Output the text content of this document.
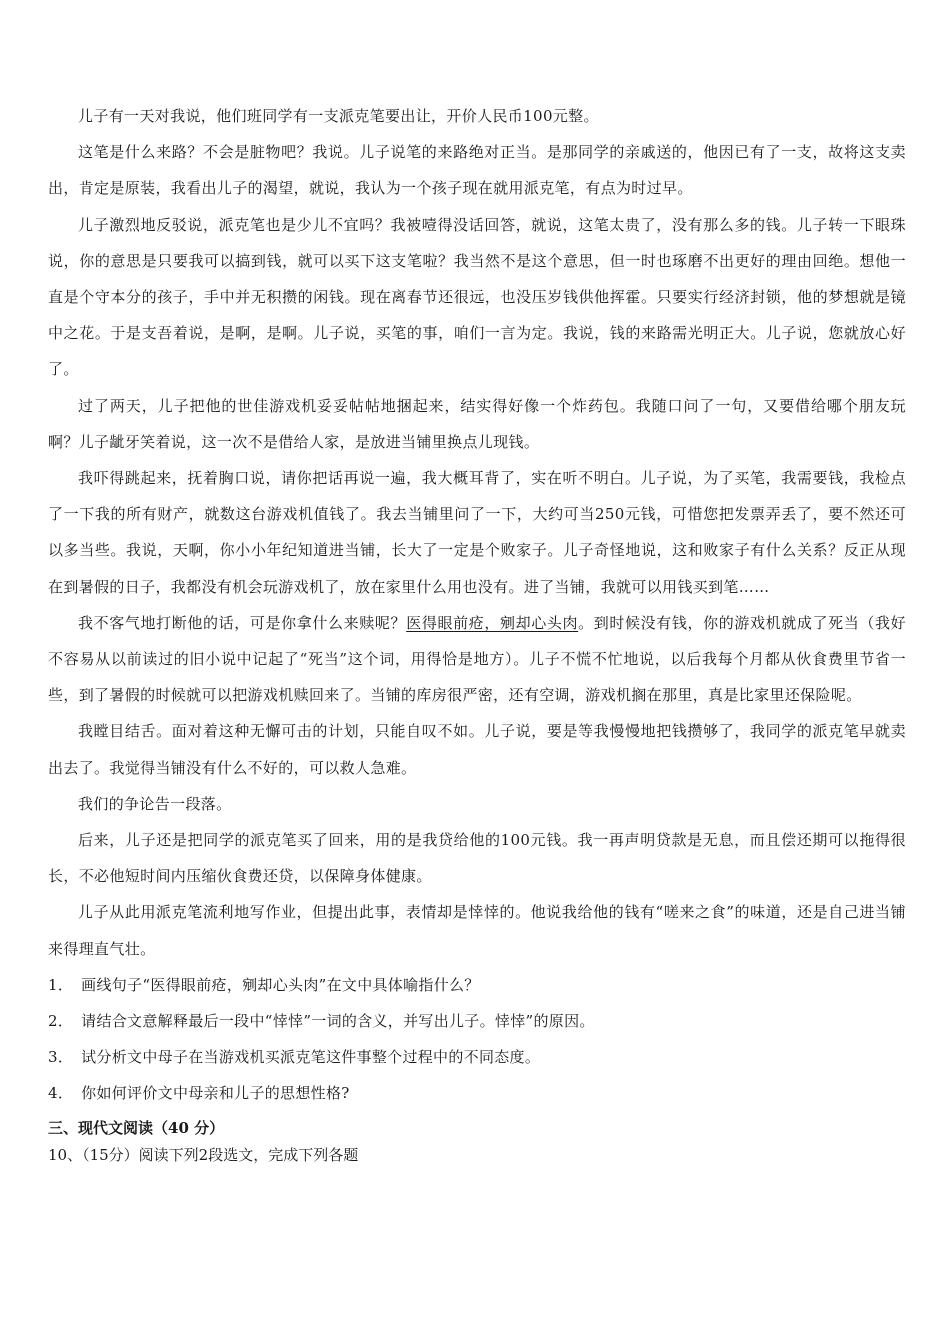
儿子有一天对我说，他们班同学有一支派克笔要出让，开价人民币100元整。

这笔是什么来路？不会是脏物吧？我说。儿子说笔的来路绝对正当。是那同学的亲戚送的，他因已有了一支，故将这支卖出，肯定是原装，我看出儿子的渴望，就说，我认为一个孩子现在就用派克笔，有点为时过早。

儿子激烈地反驳说，派克笔也是少儿不宜吗？我被噎得没话回答，就说，这笔太贵了，没有那么多的钱。儿子转一下眼珠说，你的意思是只要我可以搞到钱，就可以买下这支笔啦？我当然不是这个意思，但一时也琢磨不出更好的理由回绝。想他一直是个守本分的孩子，手中并无积攒的闲钱。现在离春节还很远，也没压岁钱供他挥霍。只要实行经济封锁，他的梦想就是镜中之花。于是支吾着说，是啊，是啊。儿子说，买笔的事，咱们一言为定。我说，钱的来路需光明正大。儿子说，您就放心好了。

过了两天，儿子把他的世佳游戏机妥妥帖帖地捆起来，结实得好像一个炸药包。我随口问了一句，又要借给哪个朋友玩啊？儿子龇牙笑着说，这一次不是借给人家，是放进当铺里换点儿现钱。

我吓得跳起来，抚着胸口说，请你把话再说一遍，我大概耳背了，实在听不明白。儿子说，为了买笔，我需要钱，我检点了一下我的所有财产，就数这台游戏机值钱了。我去当铺里问了一下，大约可当250元钱，可惜您把发票弄丢了，要不然还可以多当些。我说，天啊，你小小年纪知道进当铺，长大了一定是个败家子。儿子奇怪地说，这和败家子有什么关系？反正从现在到暑假的日子，我都没有机会玩游戏机了，放在家里什么用也没有。进了当铺，我就可以用钱买到笔……

我不客气地打断他的话，可是你拿什么来赎呢？医得眼前疮，剜却心头肉。到时候没有钱，你的游戏机就成了死当（我好不容易从以前读过的旧小说中记起了“死当”这个词，用得恰是地方）。儿子不慌不忙地说，以后我每个月都从伙食费里节省一些，到了暑假的时候就可以把游戏机赎回来了。当铺的库房很严密，还有空调，游戏机搁在那里，真是比家里还保险呢。

我瞠目结舌。面对着这种无懈可击的计划，只能自叹不如。儿子说，要是等我慢慢地把钱攒够了，我同学的派克笔早就卖出去了。我觉得当铺没有什么不好的，可以救人急难。

我们的争论告一段落。

后来，儿子还是把同学的派克笔买了回来，用的是我贷给他的100元钱。我一再声明贷款是无息，而且偿还期可以拖得很长，不必他短时间内压缩伙食费还贷，以保障身体健康。

儿子从此用派克笔流利地写作业，但提出此事，表情却是悻悻的。他说我给他的钱有“嗟来之食”的味道，还是自己进当铺来得理直气壮。

1． 画线句子“医得眼前疮，剜却心头肉”在文中具体喻指什么？

2． 请结合文意解释最后一段中“悻悻”一词的含义，并写出儿子。悻悻”的原因。

3． 试分析文中母子在当游戏机买派克笔这件事整个过程中的不同态度。

4． 你如何评价文中母亲和儿子的思想性格?

三、现代文阅读（40 分）

10、（15分）阅读下列2段选文，完成下列各题
